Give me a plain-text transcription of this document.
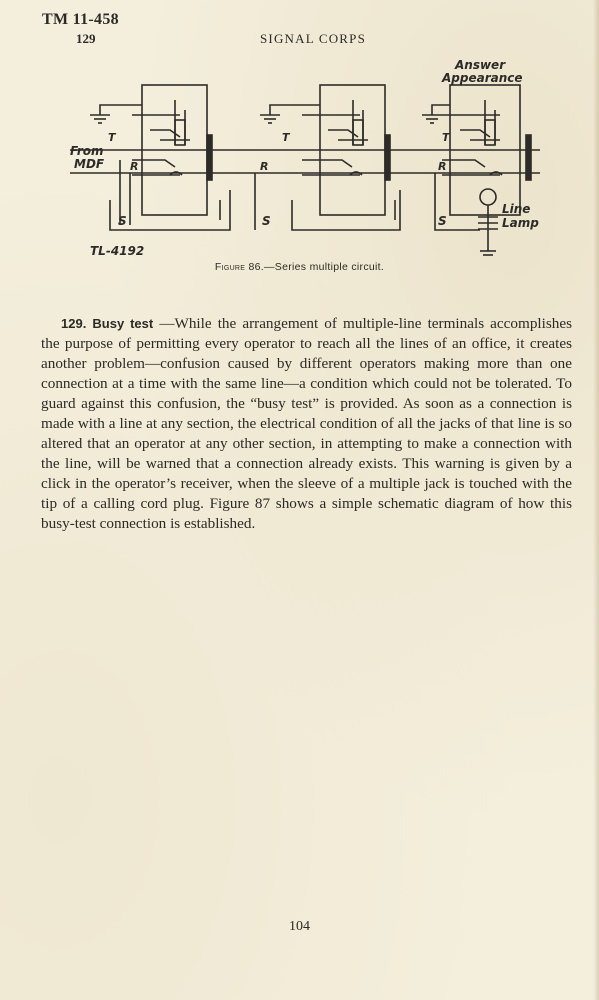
TM 11-458
129	SIGNAL CORPS
Answer
Appearance
From
MDF
T
R
S
T
R
S
T
R
S
Line
Lamp
TL-4192
Figure 86.—Series multiple circuit.

129. Busy test —While the arrangement of multiple-line terminals accomplishes the purpose of permitting every operator to reach all the lines of an office, it creates another problem—confusion caused by different operators making more than one connection at a time with the same line—a condition which could not be tolerated. To guard against this confusion, the “busy test” is provided. As soon as a connection is made with a line at any section, the electrical condition of all the jacks of that line is so altered that an operator at any other section, in attempting to make a connection with the line, will be warned that a connection already exists. This warning is given by a click in the operator’s receiver, when the sleeve of a multiple jack is touched with the tip of a calling cord plug. Figure 87 shows a simple schematic diagram of how this busy-test connection is established.

104
